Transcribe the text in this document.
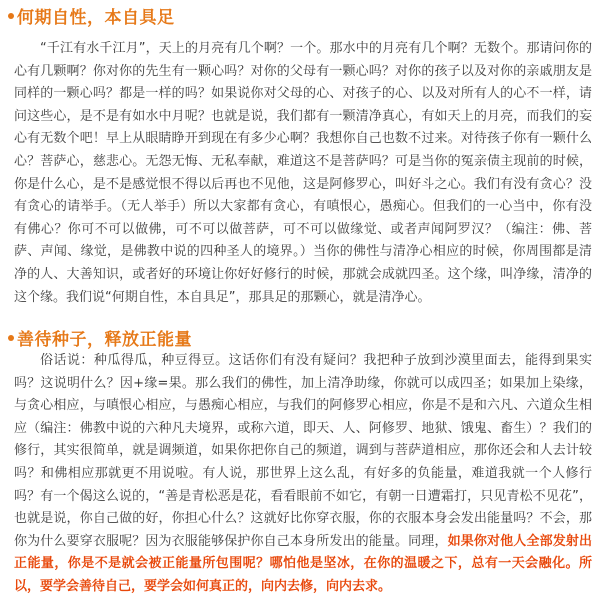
何期自性，本自具足

“千江有水千江月”，天上的月亮有几个啊？一个。那水中的月亮有几个啊？无数个。那请问你的心有几颗啊？你对你的先生有一颗心吗？对你的父母有一颗心吗？对你的孩子以及对你的亲戚朋友是同样的一颗心吗？都是一样的吗？如果说你对父母的心、对孩子的心、以及对所有人的心不一样，请问这些心，是不是有如水中月呢？也就是说，我们都有一颗清净真心，有如天上的月亮，而我们的妄心有无数个吧！早上从眼睛睁开到现在有多少心啊？我想你自己也数不过来。对待孩子你有一颗什么心？菩萨心，慈悲心。无怨无悔、无私奉献，难道这不是菩萨吗？可是当你的冤亲债主现前的时候，你是什么心，是不是感觉恨不得以后再也不见他，这是阿修罗心，叫好斗之心。我们有没有贪心？没有贪心的请举手。（无人举手）所以大家都有贪心，有嗔恨心，愚痴心。但我们的一心当中，你有没有佛心？你可不可以做佛，可不可以做菩萨，可不可以做缘觉、或者声闻阿罗汉？（编注：佛、菩萨、声闻、缘觉，是佛教中说的四种圣人的境界。）当你的佛性与清净心相应的时候，你周围都是清净的人、大善知识，或者好的环境让你好好修行的时候，那就会成就四圣。这个缘，叫净缘，清净的这个缘。我们说“何期自性，本自具足”，那具足的那颗心，就是清净心。

善待种子，释放正能量

俗话说：种瓜得瓜，种豆得豆。这话你们有没有疑问？我把种子放到沙漠里面去，能得到果实吗？这说明什么？因+缘=果。那么我们的佛性，加上清净助缘，你就可以成四圣；如果加上染缘，与贪心相应，与嗔恨心相应，与愚痴心相应，与我们的阿修罗心相应，你是不是和六凡、六道众生相应（编注：佛教中说的六种凡夫境界，或称六道，即天、人、阿修罗、地狱、饿鬼、畜生）？我们的修行，其实很简单，就是调频道，如果你把你自己的频道，调到与菩萨道相应，那你还会和人去计较吗？和佛相应那就更不用说啦。有人说，那世界上这么乱，有好多的负能量，难道我就一个人修行吗？有一个偈这么说的，“善是青松恶是花，看看眼前不如它，有朝一日遭霜打，只见青松不见花”，也就是说，你自己做的好，你担心什么？这就好比你穿衣服，你的衣服本身会发出能量吗？不会，那你为什么要穿衣服呢？因为衣服能够保护你自己本身所发出的能量。同理，如果你对他人全部发射出正能量，你是不是就会被正能量所包围呢？哪怕他是坚冰，在你的温暖之下，总有一天会融化。所以，要学会善待自己，要学会如何真正的，向内去修，向内去求。
